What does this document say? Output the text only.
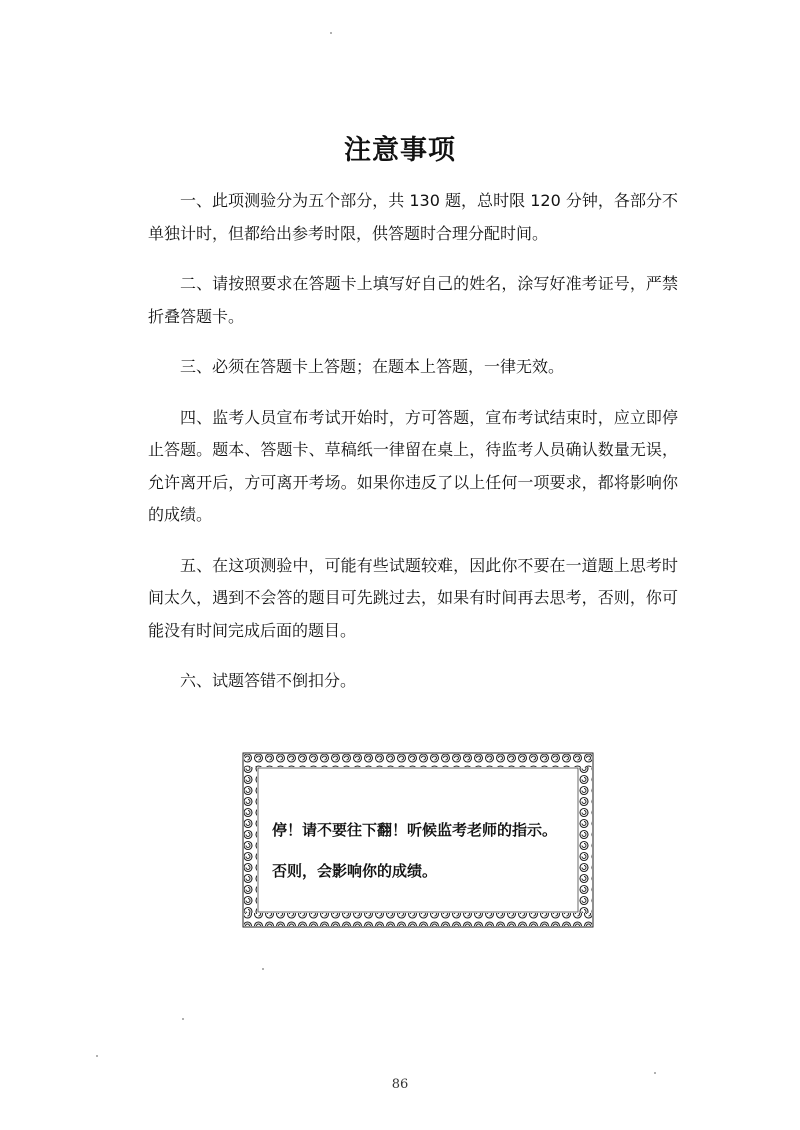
注意事项

一、此项测验分为五个部分，共 130 题，总时限 120 分钟，各部分不单独计时，但都给出参考时限，供答题时合理分配时间。

二、请按照要求在答题卡上填写好自己的姓名，涂写好准考证号，严禁折叠答题卡。

三、必须在答题卡上答题；在题本上答题，一律无效。

四、监考人员宣布考试开始时，方可答题，宣布考试结束时，应立即停止答题。题本、答题卡、草稿纸一律留在桌上，待监考人员确认数量无误，允许离开后，方可离开考场。如果你违反了以上任何一项要求，都将影响你的成绩。

五、在这项测验中，可能有些试题较难，因此你不要在一道题上思考时间太久，遇到不会答的题目可先跳过去，如果有时间再去思考，否则，你可能没有时间完成后面的题目。

六、试题答错不倒扣分。

停！请不要往下翻！听候监考老师的指示。
否则，会影响你的成绩。
86
